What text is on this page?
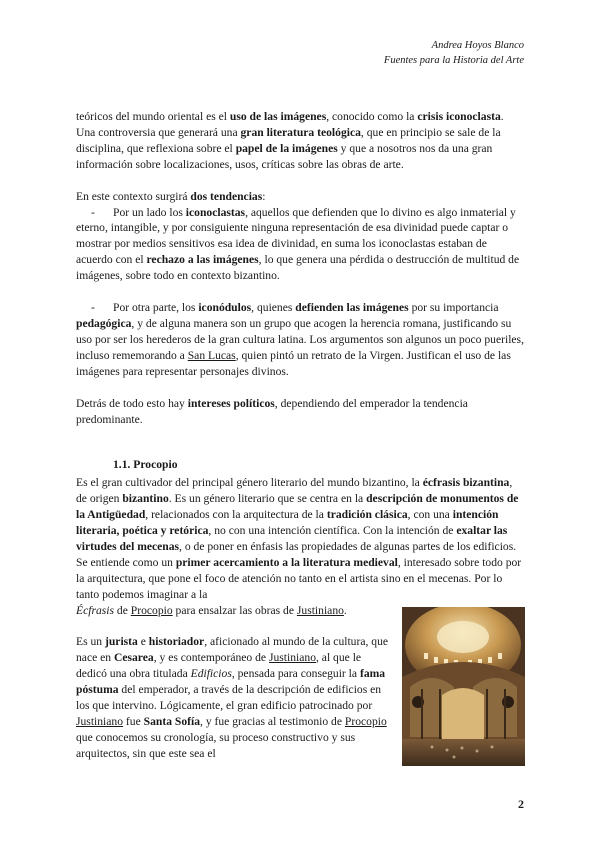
Andrea Hoyos Blanco
Fuentes para la Historia del Arte

teóricos del mundo oriental es el uso de las imágenes, conocido como la crisis iconoclasta. Una controversia que generará una gran literatura teológica, que en principio se sale de la disciplina, que reflexiona sobre el papel de la imágenes y que a nosotros nos da una gran información sobre localizaciones, usos, críticas sobre las obras de arte.

En este contexto surgirá dos tendencias:

- Por un lado los iconoclastas, aquellos que defienden que lo divino es algo inmaterial y eterno, intangible, y por consiguiente ninguna representación de esa divinidad puede captar o mostrar por medios sensitivos esa idea de divinidad, en suma los iconoclastas estaban de acuerdo con el rechazo a las imágenes, lo que genera una pérdida o destrucción de multitud de imágenes, sobre todo en contexto bizantino.

- Por otra parte, los iconódulos, quienes defienden las imágenes por su importancia pedagógica, y de alguna manera son un grupo que acogen la herencia romana, justificando su uso por ser los herederos de la gran cultura latina. Los argumentos son algunos un poco pueriles, incluso rememorando a San Lucas, quien pintó un retrato de la Virgen. Justifican el uso de las imágenes para representar personajes divinos.

Detrás de todo esto hay intereses políticos, dependiendo del emperador la tendencia predominante.

1.1. Procopio

Es el gran cultivador del principal género literario del mundo bizantino, la écfrasis bizantina, de origen bizantino. Es un género literario que se centra en la descripción de monumentos de la Antigüedad, relacionados con la arquitectura de la tradición clásica, con una intención literaria, poética y retórica, no con una intención científica. Con la intención de exaltar las virtudes del mecenas, o de poner en énfasis las propiedades de algunas partes de los edificios. Se entiende como un primer acercamiento a la literatura medieval, interesado sobre todo por la arquitectura, que pone el foco de atención no tanto en el artista sino en el mecenas. Por lo tanto podemos imaginar a la

Écfrasis de Procopio para ensalzar las obras de Justiniano.

Es un jurista e historiador, aficionado al mundo de la cultura, que nace en Cesarea, y es contemporáneo de Justiniano, al que le dedicó una obra titulada Edificios, pensada para conseguir la fama póstuma del emperador, a través de la descripción de edificios en los que intervino. Lógicamente, el gran edificio patrocinado por Justiniano fue Santa Sofía, y fue gracias al testimonio de Procopio que conocemos su cronología, su proceso constructivo y sus arquitectos, sin que este sea el

2
